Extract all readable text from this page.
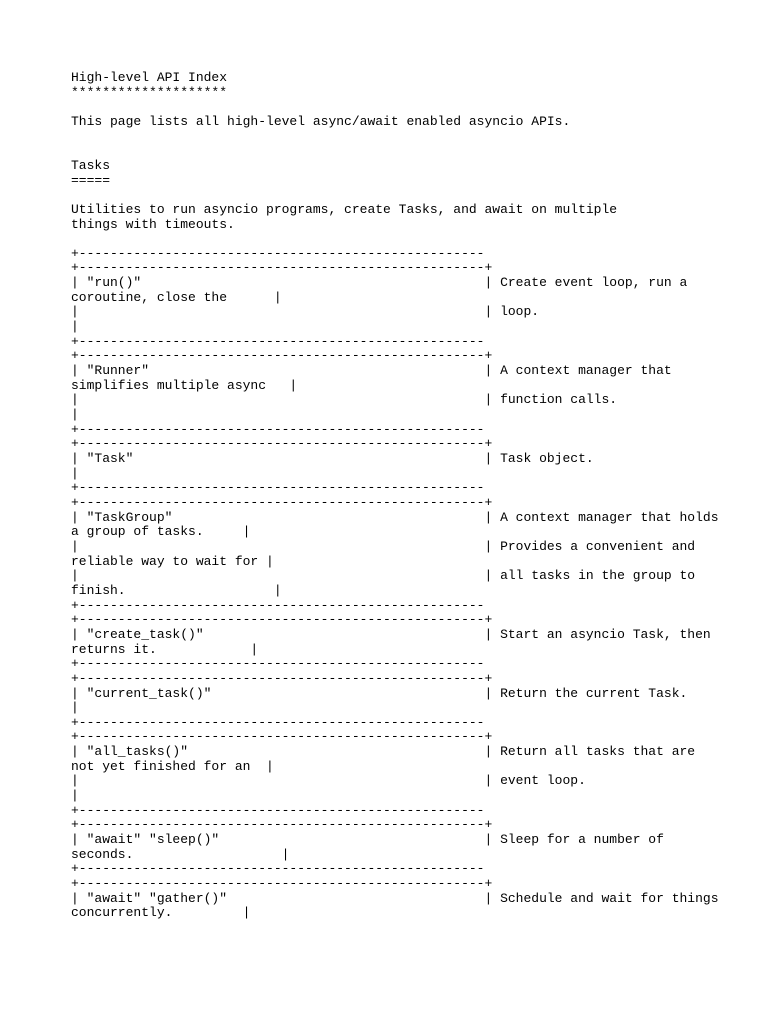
High-level API Index
********************
This page lists all high-level async/await enabled asyncio APIs.
Tasks
=====
Utilities to run asyncio programs, create Tasks, and await on multiple
things with timeouts.
+----------------------------------------------------
+----------------------------------------------------+
| "run()"                                            | Create event loop, run a
coroutine, close the      |
|                                                    | loop.
|
+----------------------------------------------------
+----------------------------------------------------+
| "Runner"                                           | A context manager that
simplifies multiple async   |
|                                                    | function calls.
|
+----------------------------------------------------
+----------------------------------------------------+
| "Task"                                             | Task object.
|
+----------------------------------------------------
+----------------------------------------------------+
| "TaskGroup"                                        | A context manager that holds
a group of tasks.     |
|                                                    | Provides a convenient and
reliable way to wait for |
|                                                    | all tasks in the group to
finish.                   |
+----------------------------------------------------
+----------------------------------------------------+
| "create_task()"                                    | Start an asyncio Task, then
returns it.            |
+----------------------------------------------------
+----------------------------------------------------+
| "current_task()"                                   | Return the current Task.
|
+----------------------------------------------------
+----------------------------------------------------+
| "all_tasks()"                                      | Return all tasks that are
not yet finished for an  |
|                                                    | event loop.
|
+----------------------------------------------------
+----------------------------------------------------+
| "await" "sleep()"                                  | Sleep for a number of
seconds.                   |
+----------------------------------------------------
+----------------------------------------------------+
| "await" "gather()"                                 | Schedule and wait for things
concurrently.         |
